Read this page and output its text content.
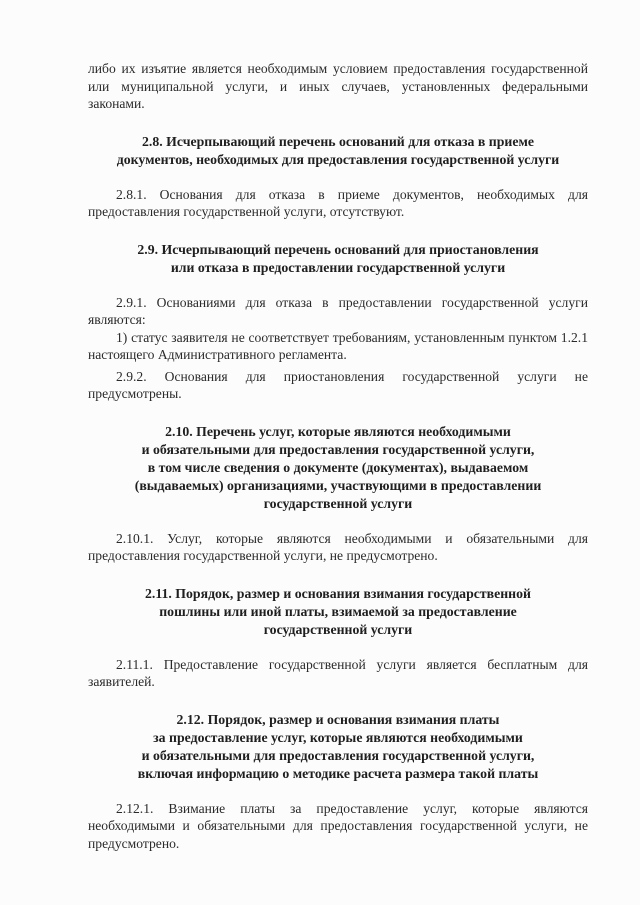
либо их изъятие является необходимым условием предоставления государственной или муниципальной услуги, и иных случаев, установленных федеральными законами.

2.8. Исчерпывающий перечень оснований для отказа в приеме
документов, необходимых для предоставления государственной услуги

2.8.1. Основания для отказа в приеме документов, необходимых для предоставления государственной услуги, отсутствуют.

2.9. Исчерпывающий перечень оснований для приостановления
или отказа в предоставлении государственной услуги

2.9.1. Основаниями для отказа в предоставлении государственной услуги являются:

1) статус заявителя не соответствует требованиям, установленным пунктом 1.2.1 настоящего Административного регламента.

2.9.2. Основания для приостановления государственной услуги не предусмотрены.

2.10. Перечень услуг, которые являются необходимыми
и обязательными для предоставления государственной услуги,
в том числе сведения о документе (документах), выдаваемом
(выдаваемых) организациями, участвующими в предоставлении
государственной услуги

2.10.1. Услуг, которые являются необходимыми и обязательными для предоставления государственной услуги, не предусмотрено.

2.11. Порядок, размер и основания взимания государственной
пошлины или иной платы, взимаемой за предоставление
государственной услуги

2.11.1. Предоставление государственной услуги является бесплатным для заявителей.

2.12. Порядок, размер и основания взимания платы
за предоставление услуг, которые являются необходимыми
и обязательными для предоставления государственной услуги,
включая информацию о методике расчета размера такой платы

2.12.1. Взимание платы за предоставление услуг, которые являются необходимыми и обязательными для предоставления государственной услуги, не предусмотрено.
